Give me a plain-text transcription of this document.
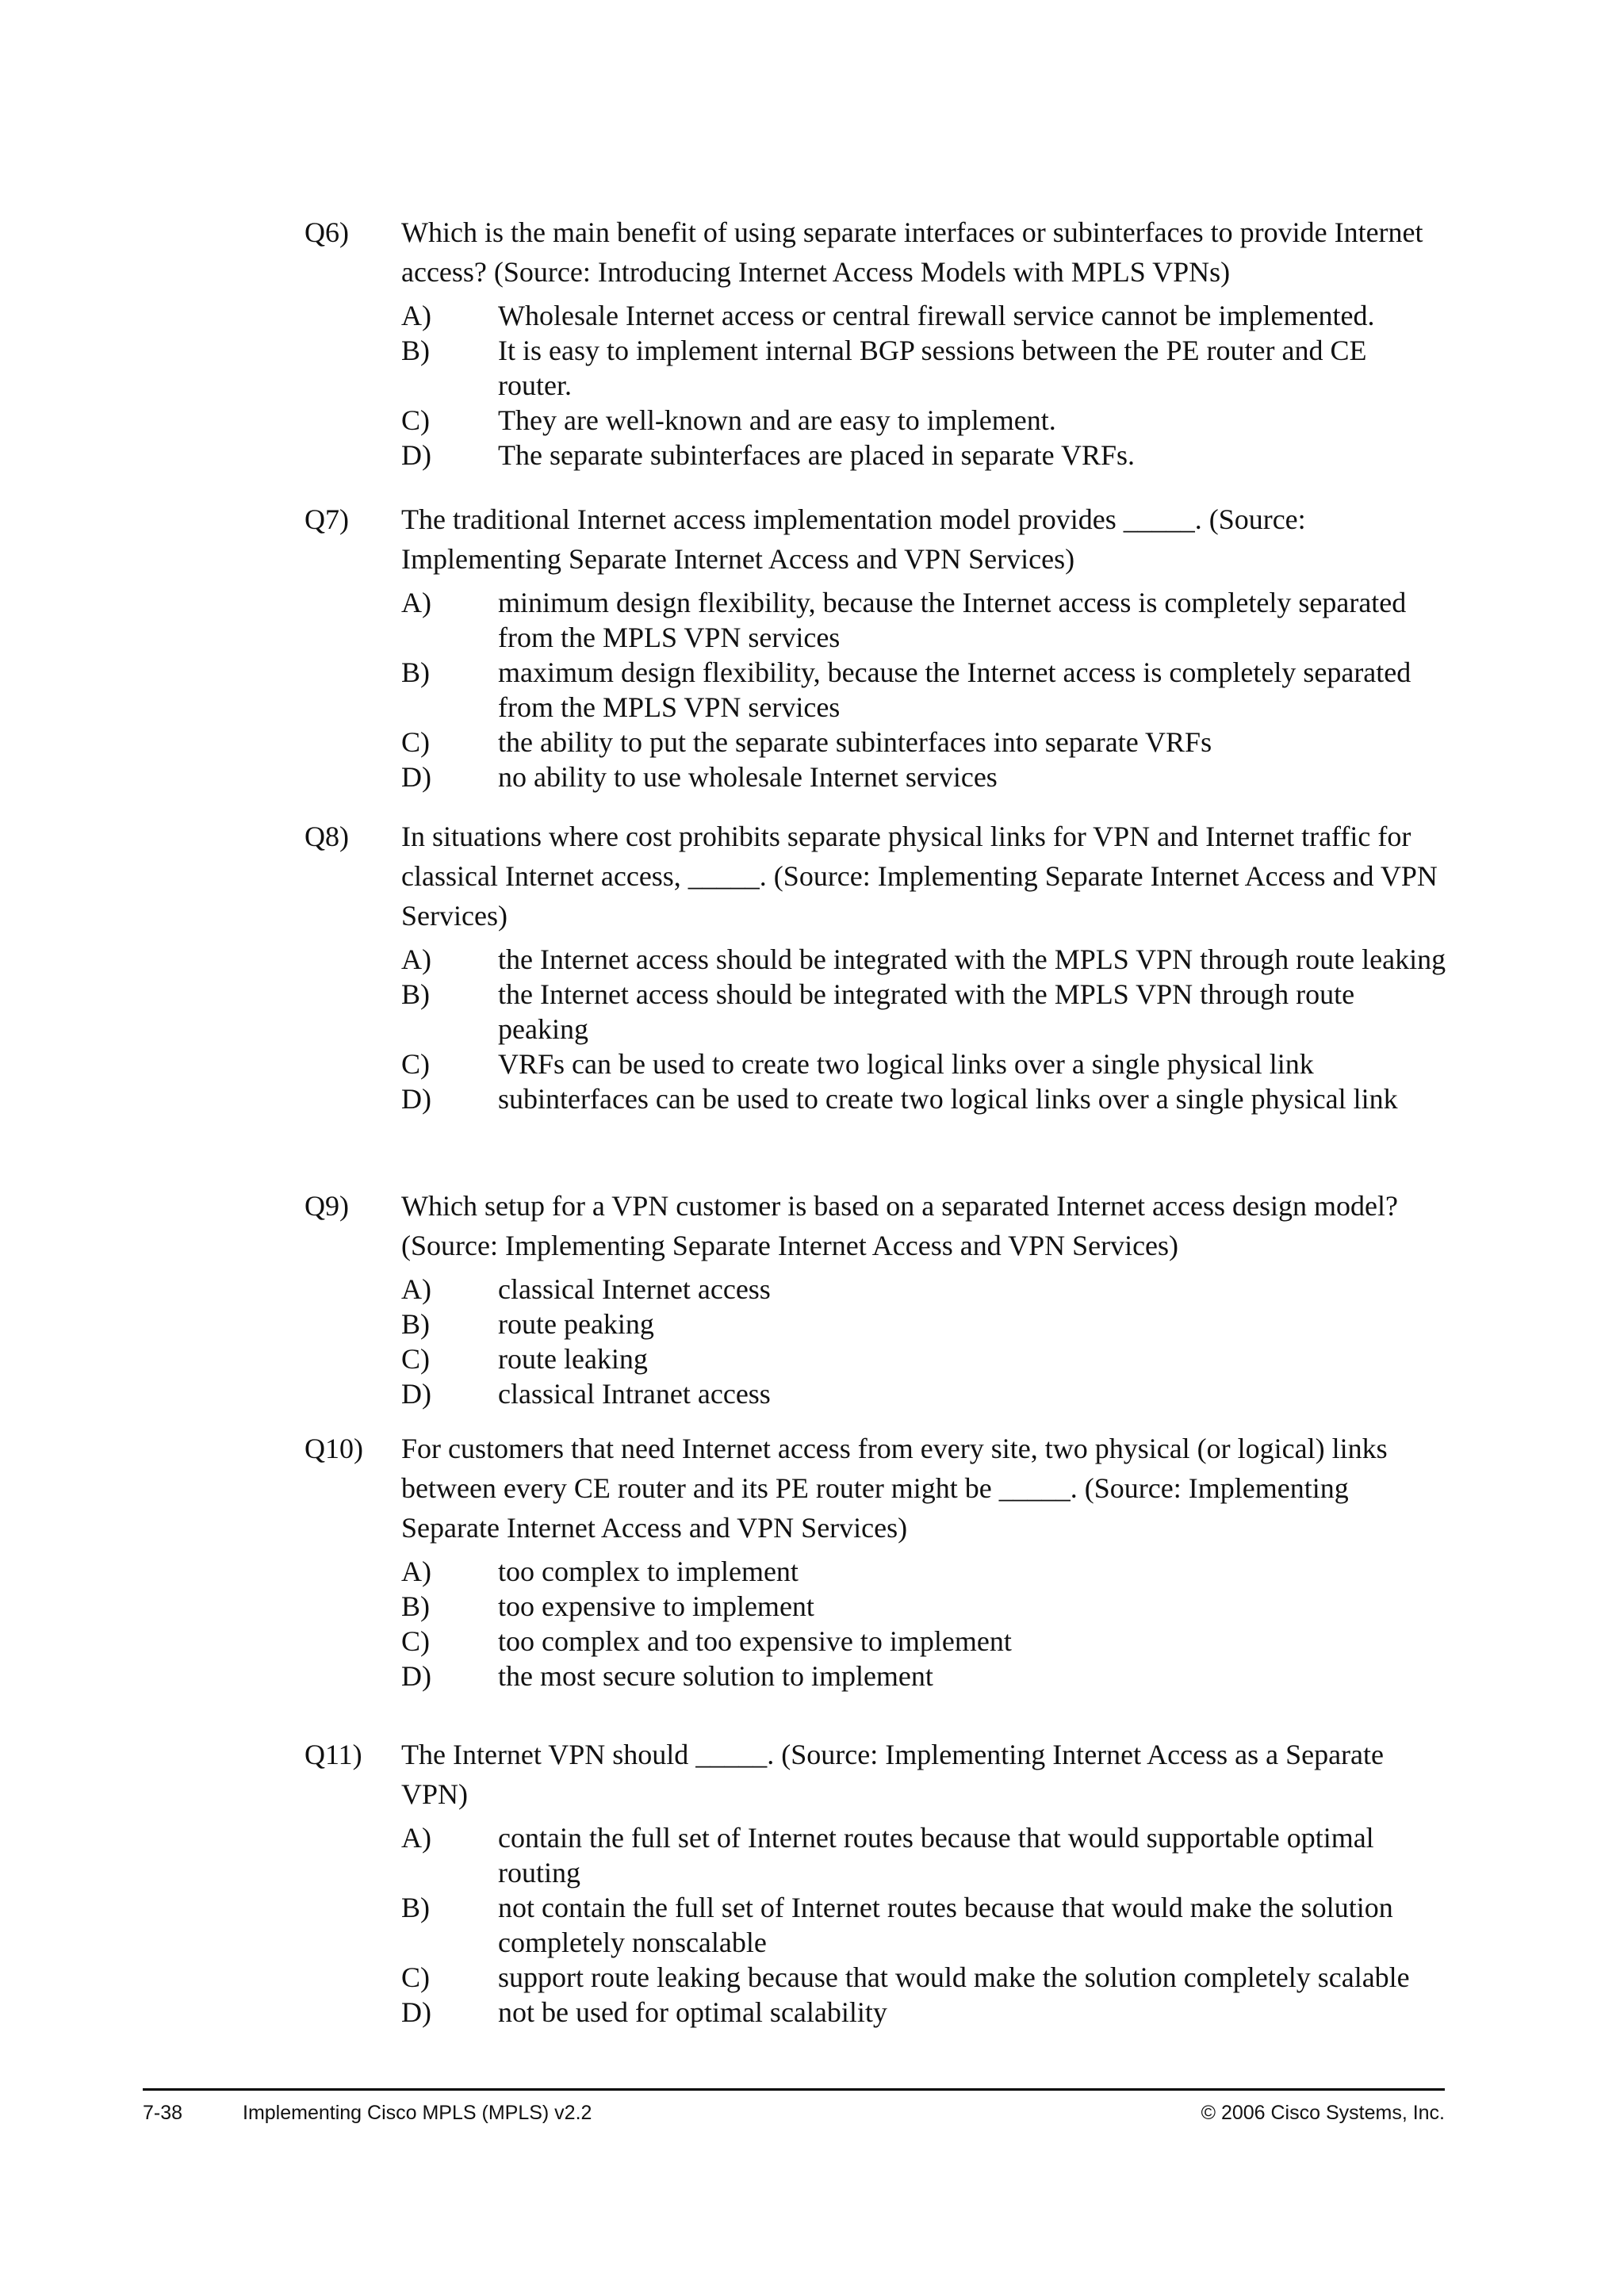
Q6) Which is the main benefit of using separate interfaces or subinterfaces to provide Internet access? (Source: Introducing Internet Access Models with MPLS VPNs)
A) Wholesale Internet access or central firewall service cannot be implemented.
B) It is easy to implement internal BGP sessions between the PE router and CE router.
C) They are well-known and are easy to implement.
D) The separate subinterfaces are placed in separate VRFs.
Q7) The traditional Internet access implementation model provides _____. (Source: Implementing Separate Internet Access and VPN Services)
A) minimum design flexibility, because the Internet access is completely separated from the MPLS VPN services
B) maximum design flexibility, because the Internet access is completely separated from the MPLS VPN services
C) the ability to put the separate subinterfaces into separate VRFs
D) no ability to use wholesale Internet services
Q8) In situations where cost prohibits separate physical links for VPN and Internet traffic for classical Internet access, _____. (Source: Implementing Separate Internet Access and VPN Services)
A) the Internet access should be integrated with the MPLS VPN through route leaking
B) the Internet access should be integrated with the MPLS VPN through route peaking
C) VRFs can be used to create two logical links over a single physical link
D) subinterfaces can be used to create two logical links over a single physical link
Q9) Which setup for a VPN customer is based on a separated Internet access design model? (Source: Implementing Separate Internet Access and VPN Services)
A) classical Internet access
B) route peaking
C) route leaking
D) classical Intranet access
Q10) For customers that need Internet access from every site, two physical (or logical) links between every CE router and its PE router might be _____. (Source: Implementing Separate Internet Access and VPN Services)
A) too complex to implement
B) too expensive to implement
C) too complex and too expensive to implement
D) the most secure solution to implement
Q11) The Internet VPN should _____. (Source: Implementing Internet Access as a Separate VPN)
A) contain the full set of Internet routes because that would supportable optimal routing
B) not contain the full set of Internet routes because that would make the solution completely nonscalable
C) support route leaking because that would make the solution completely scalable
D) not be used for optimal scalability
7-38	Implementing Cisco MPLS (MPLS) v2.2	© 2006 Cisco Systems, Inc.
